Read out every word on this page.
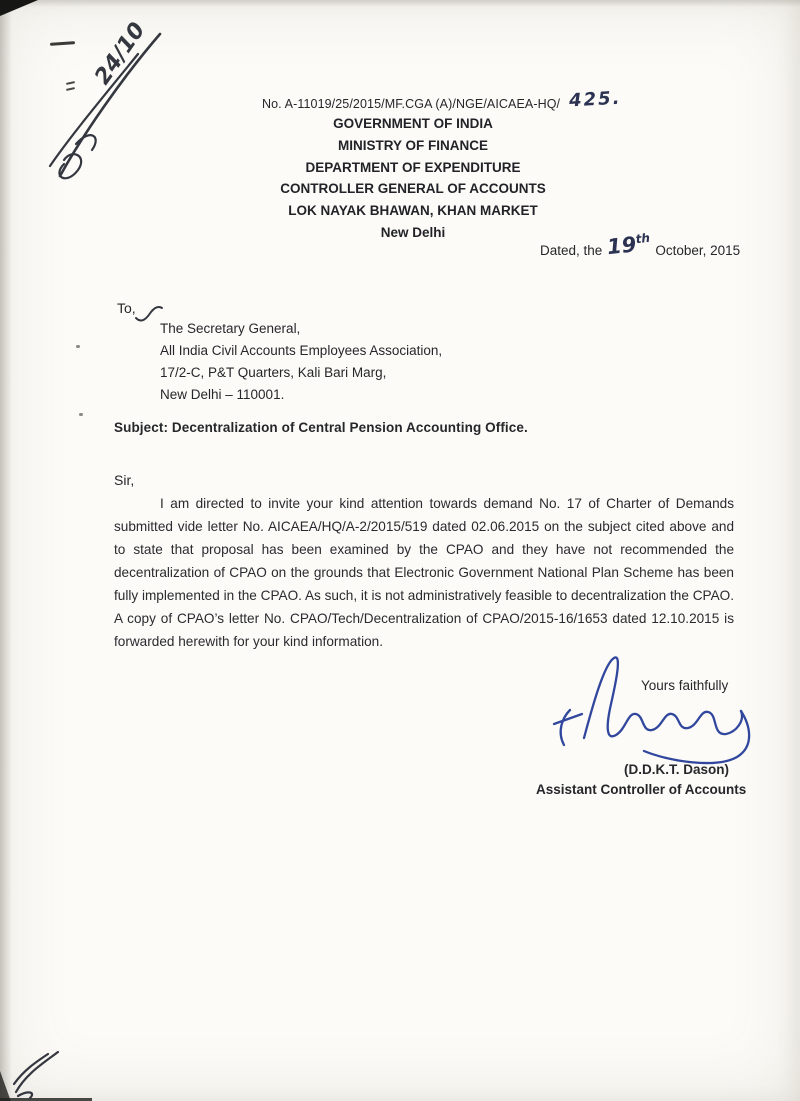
24/10
No. A-11019/25/2015/MF.CGA (A)/NGE/AICAEA-HQ/ 425.
GOVERNMENT OF INDIA
MINISTRY OF FINANCE
DEPARTMENT OF EXPENDITURE
CONTROLLER GENERAL OF ACCOUNTS
LOK NAYAK BHAWAN, KHAN MARKET
New Delhi
Dated, the 19th October, 2015
To,
The Secretary General,
All India Civil Accounts Employees Association,
17/2-C, P&T Quarters, Kali Bari Marg,
New Delhi – 110001.
Subject: Decentralization of Central Pension Accounting Office.
Sir,

I am directed to invite your kind attention towards demand No. 17 of Charter of Demands submitted vide letter No. AICAEA/HQ/A-2/2015/519 dated 02.06.2015 on the subject cited above and to state that proposal has been examined by the CPAO and they have not recommended the decentralization of CPAO on the grounds that Electronic Government National Plan Scheme has been fully implemented in the CPAO. As such, it is not administratively feasible to decentralization the CPAO. A copy of CPAO’s letter No. CPAO/Tech/Decentralization of CPAO/2015-16/1653 dated 12.10.2015 is forwarded herewith for your kind information.

Yours faithfully
(D.D.K.T. Dason)
Assistant Controller of Accounts
